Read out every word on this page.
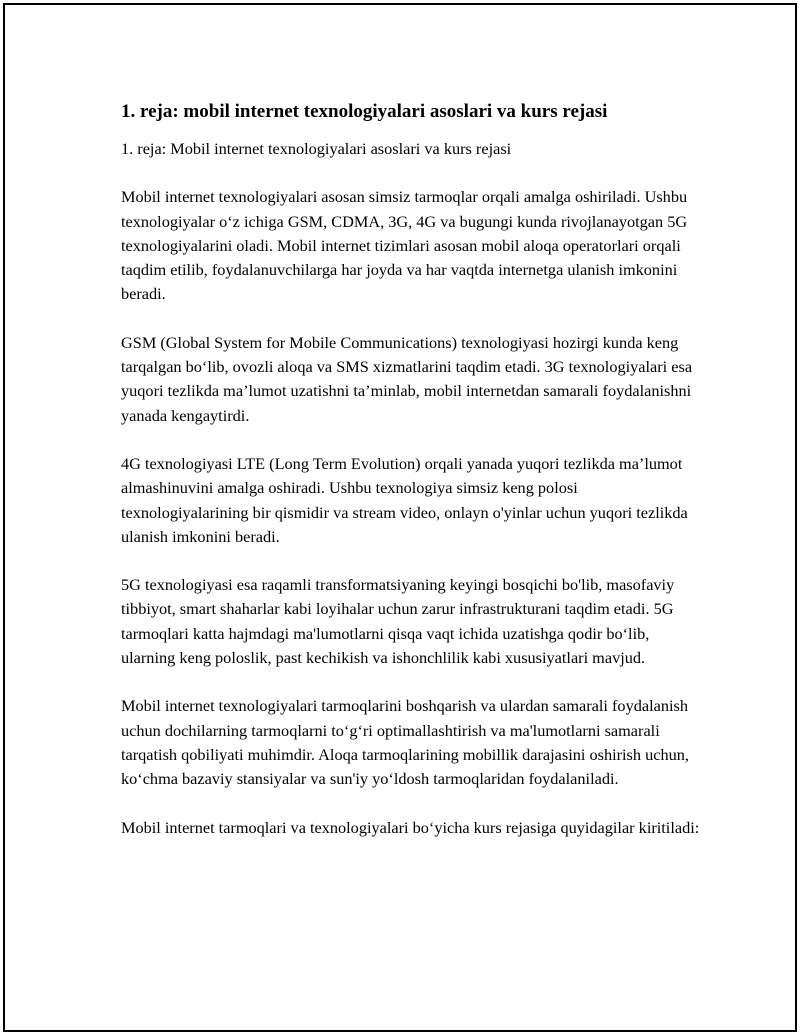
1. reja: mobil internet texnologiyalari asoslari va kurs rejasi

1. reja: Mobil internet texnologiyalari asoslari va kurs rejasi

Mobil internet texnologiyalari asosan simsiz tarmoqlar orqali amalga oshiriladi. Ushbu texnologiyalar o‘z ichiga GSM, CDMA, 3G, 4G va bugungi kunda rivojlanayotgan 5G texnologiyalarini oladi. Mobil internet tizimlari asosan mobil aloqa operatorlari orqali taqdim etilib, foydalanuvchilarga har joyda va har vaqtda internetga ulanish imkonini beradi.

GSM (Global System for Mobile Communications) texnologiyasi hozirgi kunda keng tarqalgan bo‘lib, ovozli aloqa va SMS xizmatlarini taqdim etadi. 3G texnologiyalari esa yuqori tezlikda ma’lumot uzatishni ta’minlab, mobil internetdan samarali foydalanishni yanada kengaytirdi.

4G texnologiyasi LTE (Long Term Evolution) orqali yanada yuqori tezlikda ma’lumot almashinuvini amalga oshiradi. Ushbu texnologiya simsiz keng polosi texnologiyalarining bir qismidir va stream video, onlayn o'yinlar uchun yuqori tezlikda ulanish imkonini beradi.

5G texnologiyasi esa raqamli transformatsiyaning keyingi bosqichi bo'lib, masofaviy tibbiyot, smart shaharlar kabi loyihalar uchun zarur infrastrukturani taqdim etadi. 5G tarmoqlari katta hajmdagi ma'lumotlarni qisqa vaqt ichida uzatishga qodir bo‘lib, ularning keng poloslik, past kechikish va ishonchlilik kabi xususiyatlari mavjud.

Mobil internet texnologiyalari tarmoqlarini boshqarish va ulardan samarali foydalanish uchun dochilarning tarmoqlarni to‘g‘ri optimallashtirish va ma'lumotlarni samarali tarqatish qobiliyati muhimdir. Aloqa tarmoqlarining mobillik darajasini oshirish uchun, ko‘chma bazaviy stansiyalar va sun'iy yo‘ldosh tarmoqlaridan foydalaniladi.

Mobil internet tarmoqlari va texnologiyalari bo‘yicha kurs rejasiga quyidagilar kiritiladi:
